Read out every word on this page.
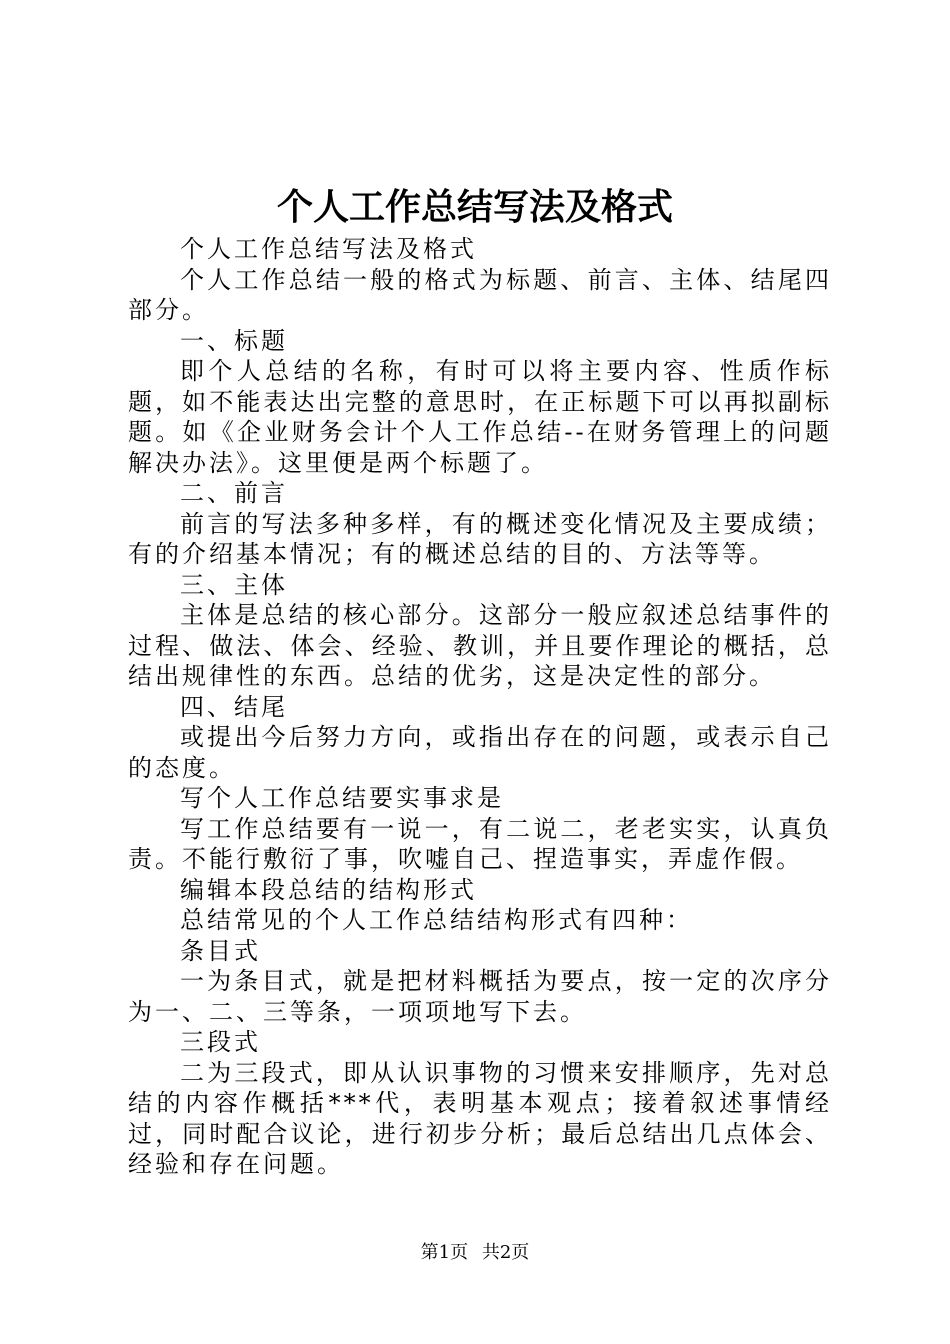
个人工作总结写法及格式

个人工作总结写法及格式

个人工作总结一般的格式为标题、前言、主体、结尾四部分。

一、标题

即个人总结的名称，有时可以将主要内容、性质作标题，如不能表达出完整的意思时，在正标题下可以再拟副标题。如《企业财务会计个人工作总结--在财务管理上的问题解决办法》。这里便是两个标题了。

二、前言

前言的写法多种多样，有的概述变化情况及主要成绩；有的介绍基本情况；有的概述总结的目的、方法等等。

三、主体

主体是总结的核心部分。这部分一般应叙述总结事件的过程、做法、体会、经验、教训，并且要作理论的概括，总结出规律性的东西。总结的优劣，这是决定性的部分。

四、结尾

或提出今后努力方向，或指出存在的问题，或表示自己的态度。

写个人工作总结要实事求是

写工作总结要有一说一，有二说二，老老实实，认真负责。不能行敷衍了事，吹嘘自己、捏造事实，弄虚作假。

编辑本段总结的结构形式

总结常见的个人工作总结结构形式有四种：

条目式

一为条目式，就是把材料概括为要点，按一定的次序分为一、二、三等条，一项项地写下去。

三段式

二为三段式，即从认识事物的习惯来安排顺序，先对总结的内容作概括***代，表明基本观点；接着叙述事情经过，同时配合议论，进行初步分析；最后总结出几点体会、经验和存在问题。

第1页 共2页
